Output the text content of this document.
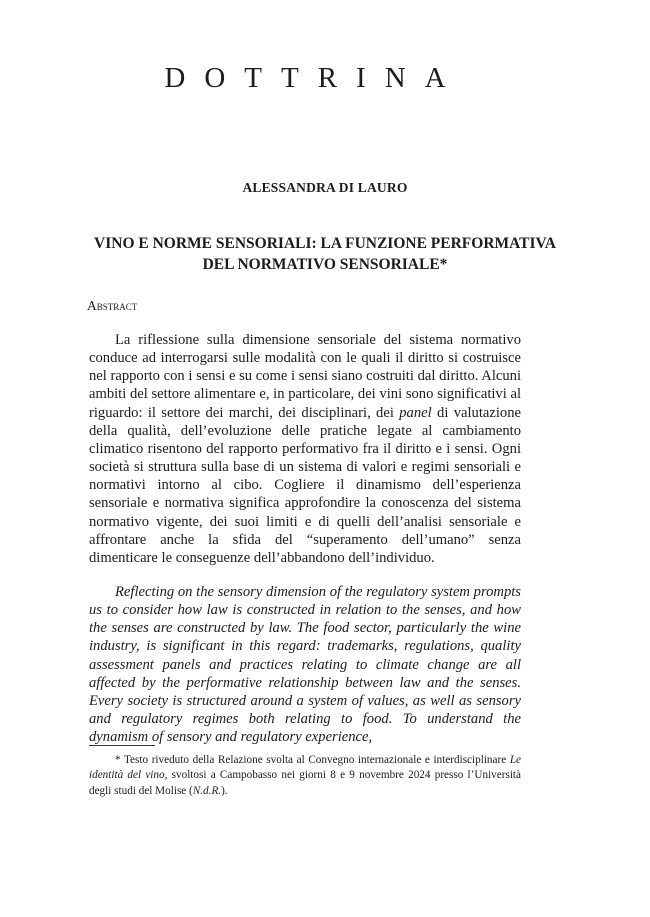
DOTTRINA
ALESSANDRA DI LAURO
VINO E NORME SENSORIALI: LA FUNZIONE PERFORMATIVA
DEL NORMATIVO SENSORIALE*
Abstract

La riflessione sulla dimensione sensoriale del sistema normativo conduce ad interrogarsi sulle modalità con le quali il diritto si costruisce nel rapporto con i sensi e su come i sensi siano costruiti dal diritto. Alcuni ambiti del settore alimentare e, in particolare, dei vini sono significativi al riguardo: il settore dei marchi, dei disciplinari, dei panel di valutazione della qualità, dell’evoluzione delle pratiche legate al cambiamento climatico risentono del rapporto performativo fra il diritto e i sensi. Ogni società si struttura sulla base di un sistema di valori e regimi sensoriali e normativi intorno al cibo. Cogliere il dinamismo dell’esperienza sensoriale e normativa significa approfondire la conoscenza del sistema normativo vigente, dei suoi limiti e di quelli dell’analisi sensoriale e affrontare anche la sfida del “superamento dell’umano” senza dimenticare le conseguenze dell’abbandono dell’individuo.

Reflecting on the sensory dimension of the regulatory system prompts us to consider how law is constructed in relation to the senses, and how the senses are constructed by law. The food sector, particularly the wine industry, is significant in this regard: trademarks, regulations, quality assessment panels and practices relating to climate change are all affected by the performative relationship between law and the senses. Every society is structured around a system of values, as well as sensory and regulatory regimes both relating to food. To understand the dynamism of sensory and regulatory experience,

* Testo riveduto della Relazione svolta al Convegno internazionale e interdisciplinare Le identità del vino, svoltosi a Campobasso nei giorni 8 e 9 novembre 2024 presso l’Università degli studi del Molise (N.d.R.).
